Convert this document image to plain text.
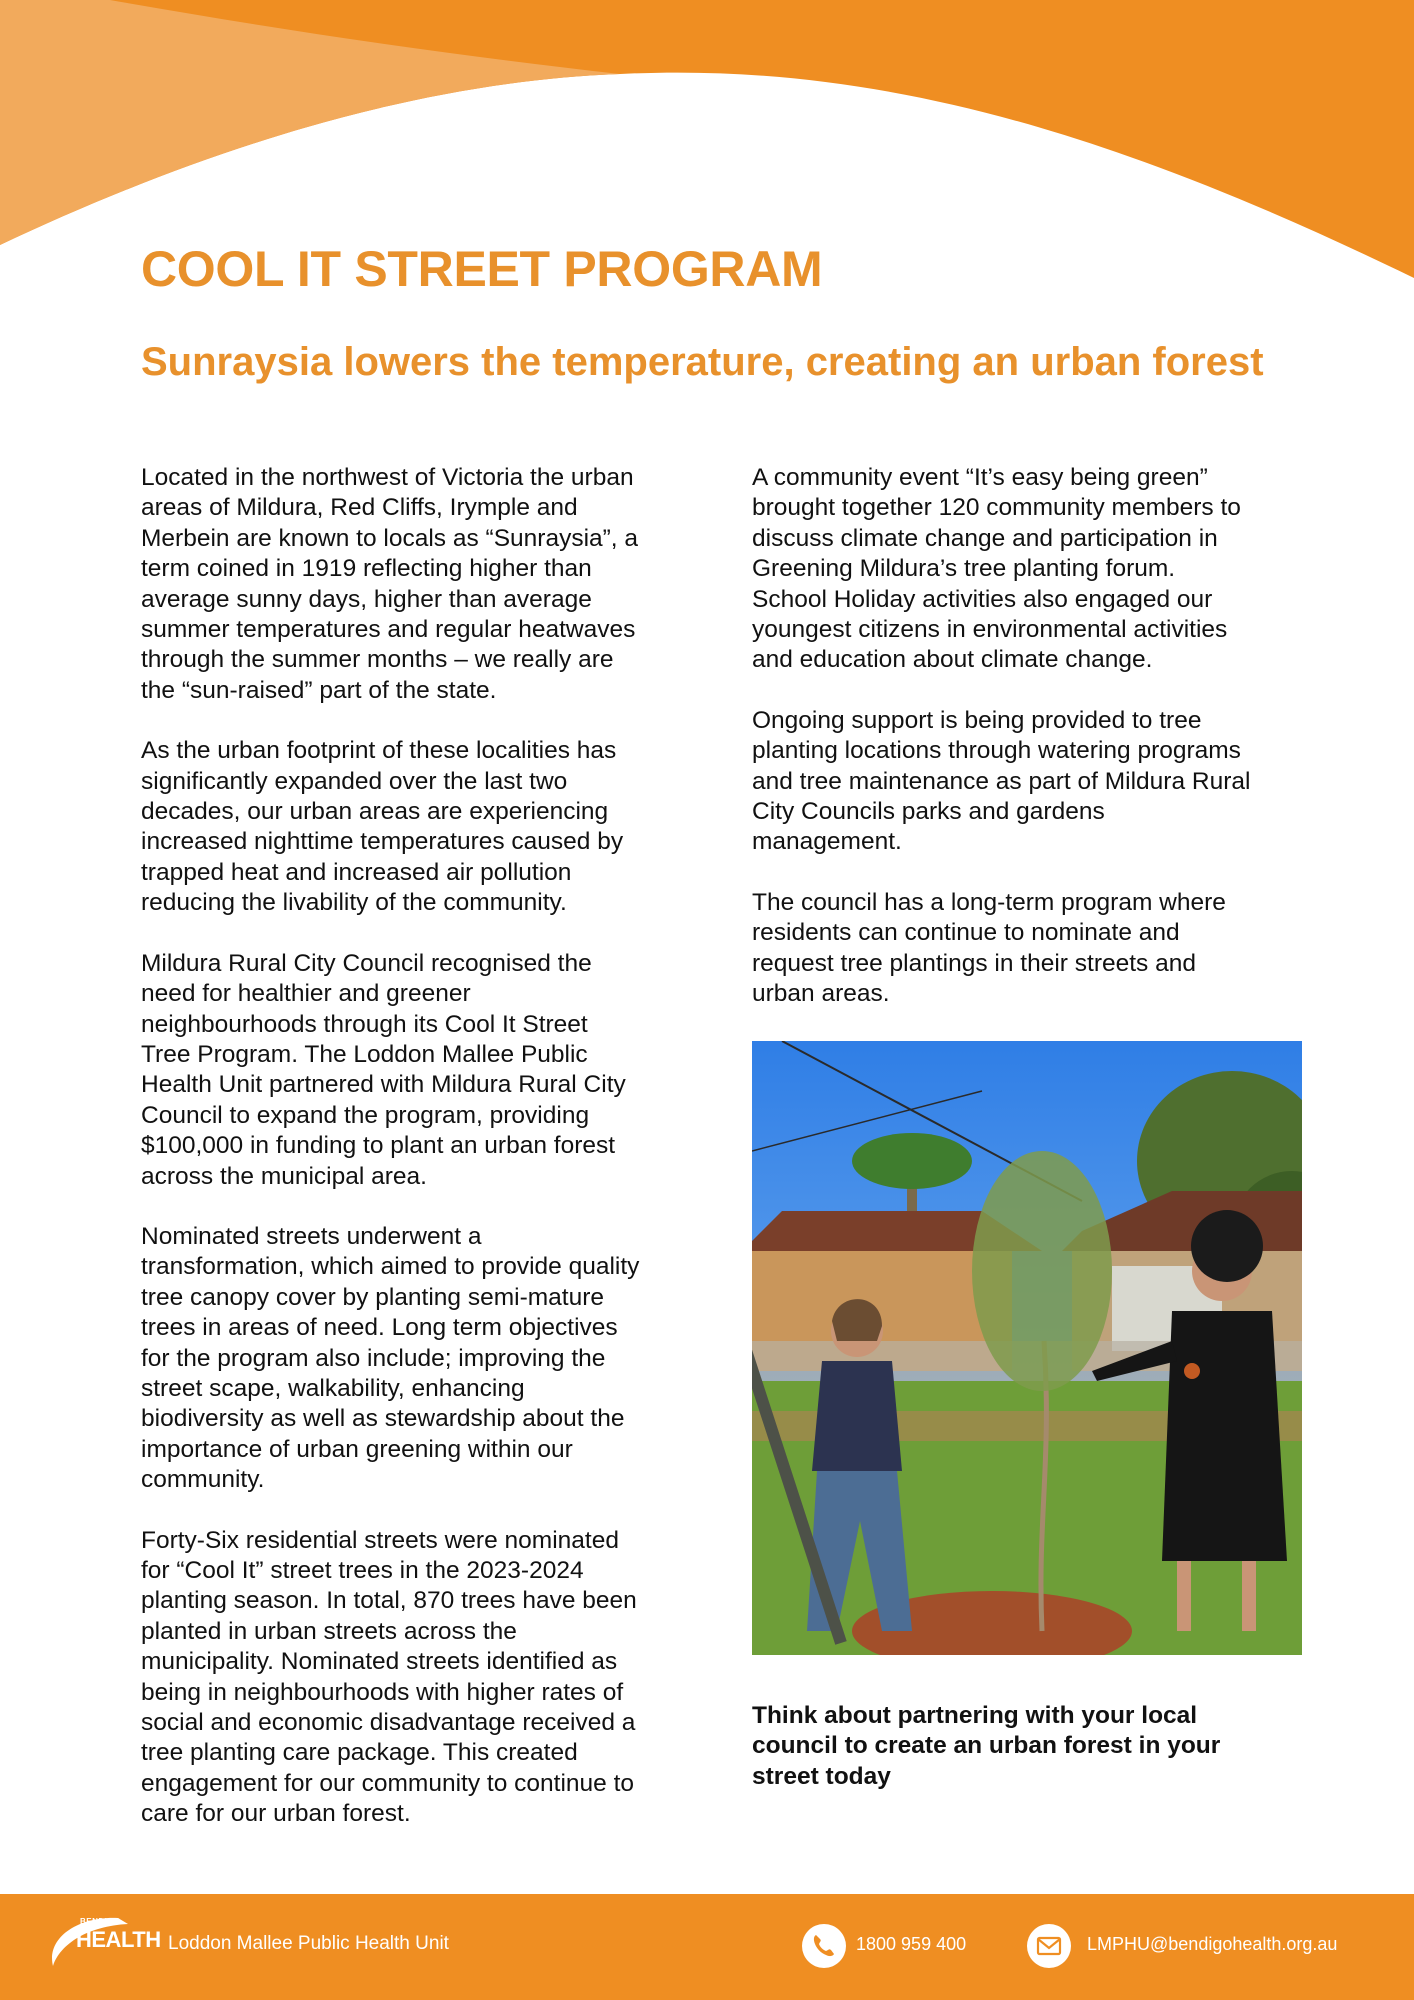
COOL IT STREET PROGRAM
Sunraysia lowers the temperature, creating an urban forest

Located in the northwest of Victoria the urban
areas of Mildura, Red Cliffs, Irymple and
Merbein are known to locals as “Sunraysia”, a
term coined in 1919 reflecting higher than
average sunny days, higher than average
summer temperatures and regular heatwaves
through the summer months – we really are
the “sun-raised” part of the state.

As the urban footprint of these localities has
significantly expanded over the last two
decades, our urban areas are experiencing
increased nighttime temperatures caused by
trapped heat and increased air pollution
reducing the livability of the community.

Mildura Rural City Council recognised the
need for healthier and greener
neighbourhoods through its Cool It Street
Tree Program. The Loddon Mallee Public
Health Unit partnered with Mildura Rural City
Council to expand the program, providing
$100,000 in funding to plant an urban forest
across the municipal area.

Nominated streets underwent a
transformation, which aimed to provide quality
tree canopy cover by planting semi-mature
trees in areas of need. Long term objectives
for the program also include; improving the
street scape, walkability, enhancing
biodiversity as well as stewardship about the
importance of urban greening within our
community.

Forty-Six residential streets were nominated
for “Cool It” street trees in the 2023-2024
planting season. In total, 870 trees have been
planted in urban streets across the
municipality. Nominated streets identified as
being in neighbourhoods with higher rates of
social and economic disadvantage received a
tree planting care package. This created
engagement for our community to continue to
care for our urban forest.

A community event “It’s easy being green”
brought together 120 community members to
discuss climate change and participation in
Greening Mildura’s tree planting forum.
School Holiday activities also engaged our
youngest citizens in environmental activities
and education about climate change.

Ongoing support is being provided to tree
planting locations through watering programs
and tree maintenance as part of Mildura Rural
City Councils parks and gardens
management.

The council has a long-term program where
residents can continue to nominate and
request tree plantings in their streets and
urban areas.

Think about partnering with your local
council to create an urban forest in your
street today

BENDIGO
HEALTH Loddon Mallee Public Health Unit	1800 959 400	LMPHU@bendigohealth.org.au
